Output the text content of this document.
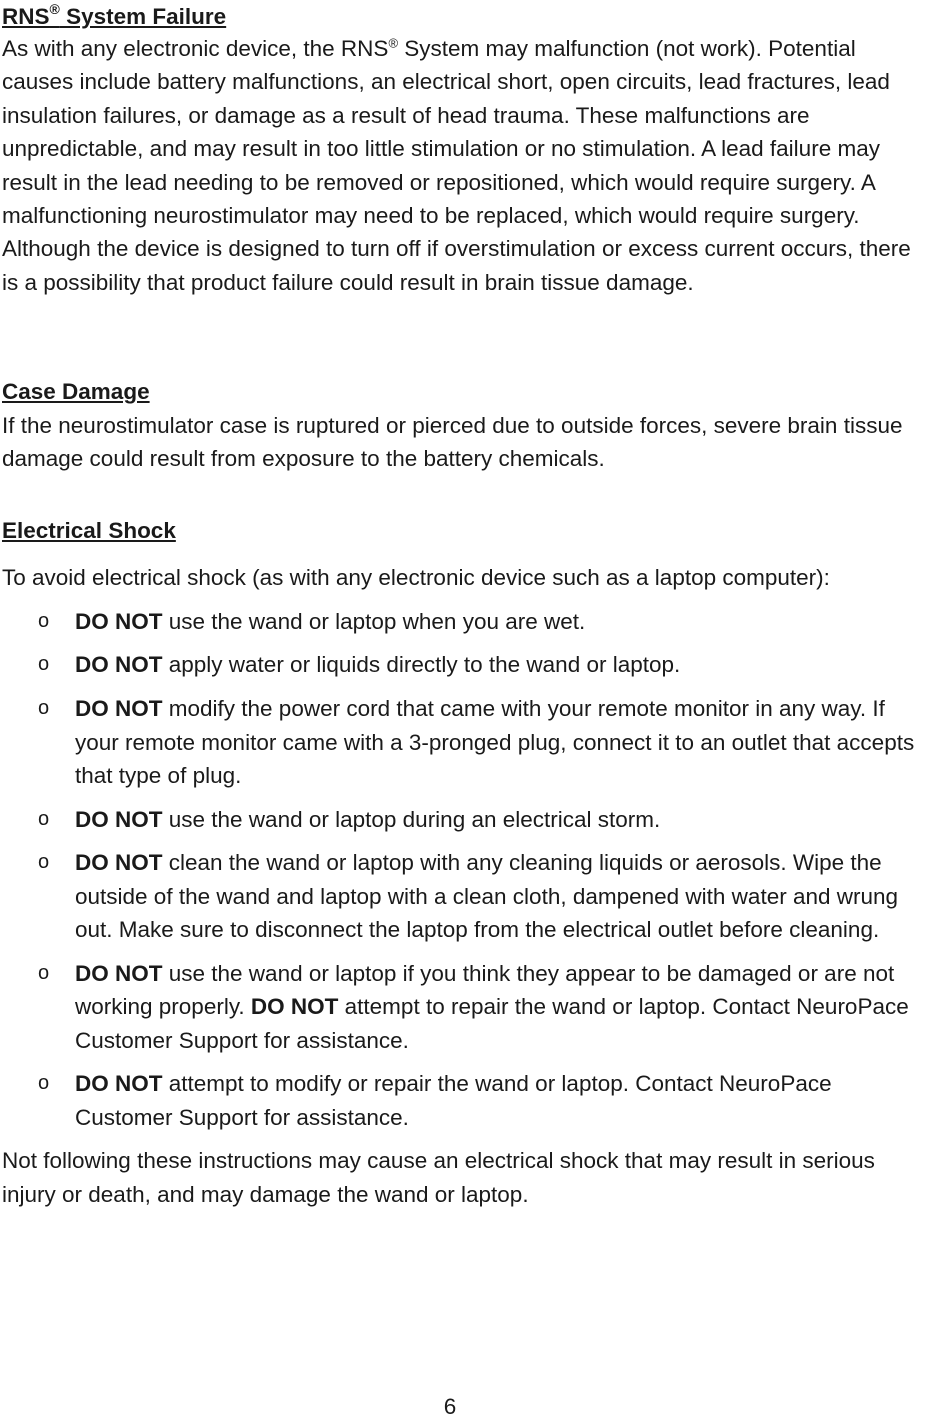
RNS® System Failure

As with any electronic device, the RNS® System may malfunction (not work). Potential causes include battery malfunctions, an electrical short, open circuits, lead fractures, lead insulation failures, or damage as a result of head trauma. These malfunctions are unpredictable, and may result in too little stimulation or no stimulation. A lead failure may result in the lead needing to be removed or repositioned, which would require surgery. A malfunctioning neurostimulator may need to be replaced, which would require surgery. Although the device is designed to turn off if overstimulation or excess current occurs, there is a possibility that product failure could result in brain tissue damage.

Case Damage

If the neurostimulator case is ruptured or pierced due to outside forces, severe brain tissue damage could result from exposure to the battery chemicals.

Electrical Shock

To avoid electrical shock (as with any electronic device such as a laptop computer):

o DO NOT use the wand or laptop when you are wet.
o DO NOT apply water or liquids directly to the wand or laptop.
o DO NOT modify the power cord that came with your remote monitor in any way. If your remote monitor came with a 3-pronged plug, connect it to an outlet that accepts that type of plug.
o DO NOT use the wand or laptop during an electrical storm.
o DO NOT clean the wand or laptop with any cleaning liquids or aerosols. Wipe the outside of the wand and laptop with a clean cloth, dampened with water and wrung out. Make sure to disconnect the laptop from the electrical outlet before cleaning.
o DO NOT use the wand or laptop if you think they appear to be damaged or are not working properly. DO NOT attempt to repair the wand or laptop. Contact NeuroPace Customer Support for assistance.
o DO NOT attempt to modify or repair the wand or laptop. Contact NeuroPace Customer Support for assistance.

Not following these instructions may cause an electrical shock that may result in serious injury or death, and may damage the wand or laptop.

6
